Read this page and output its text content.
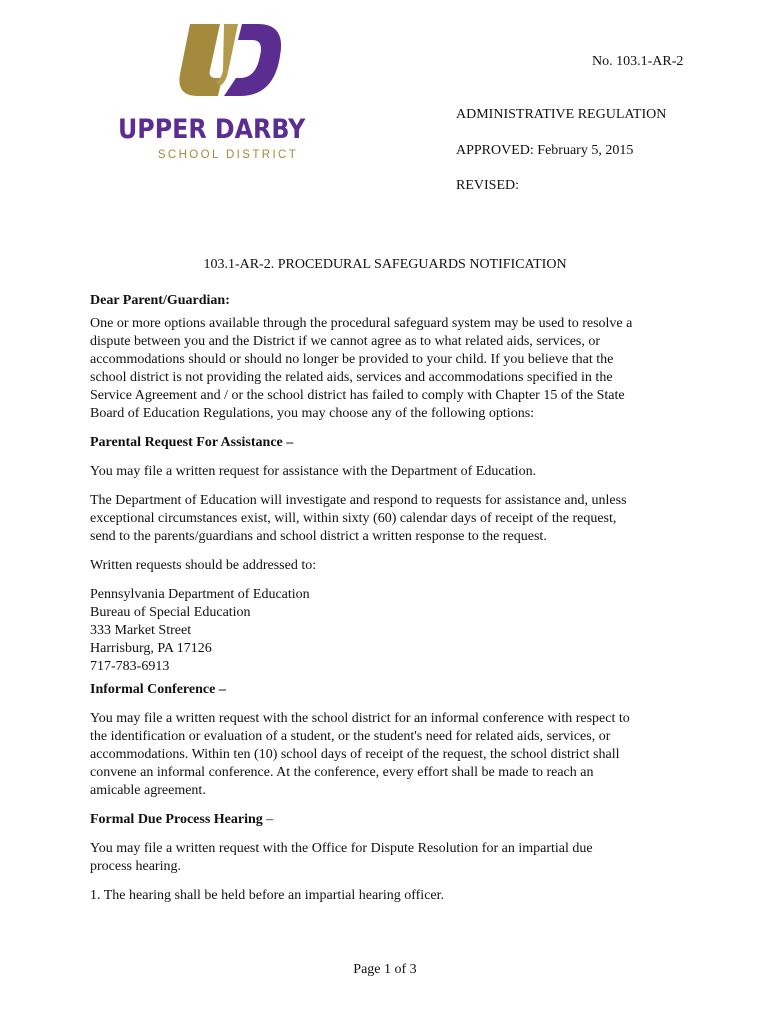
UPPER DARBY
SCHOOL DISTRICT
No. 103.1-AR-2
ADMINISTRATIVE REGULATION
APPROVED: February 5, 2015
REVISED:
103.1-AR-2. PROCEDURAL SAFEGUARDS NOTIFICATION

Dear Parent/Guardian:

One or more options available through the procedural safeguard system may be used to resolve a
dispute between you and the District if we cannot agree as to what related aids, services, or
accommodations should or should no longer be provided to your child. If you believe that the
school district is not providing the related aids, services and accommodations specified in the
Service Agreement and / or the school district has failed to comply with Chapter 15 of the State
Board of Education Regulations, you may choose any of the following options:

Parental Request For Assistance –

You may file a written request for assistance with the Department of Education.

The Department of Education will investigate and respond to requests for assistance and, unless
exceptional circumstances exist, will, within sixty (60) calendar days of receipt of the request,
send to the parents/guardians and school district a written response to the request.

Written requests should be addressed to:

Pennsylvania Department of Education
Bureau of Special Education
333 Market Street
Harrisburg, PA 17126
717-783-6913

Informal Conference –

You may file a written request with the school district for an informal conference with respect to
the identification or evaluation of a student, or the student's need for related aids, services, or
accommodations. Within ten (10) school days of receipt of the request, the school district shall
convene an informal conference. At the conference, every effort shall be made to reach an
amicable agreement.

Formal Due Process Hearing –

You may file a written request with the Office for Dispute Resolution for an impartial due
process hearing.

1. The hearing shall be held before an impartial hearing officer.

Page 1 of 3
